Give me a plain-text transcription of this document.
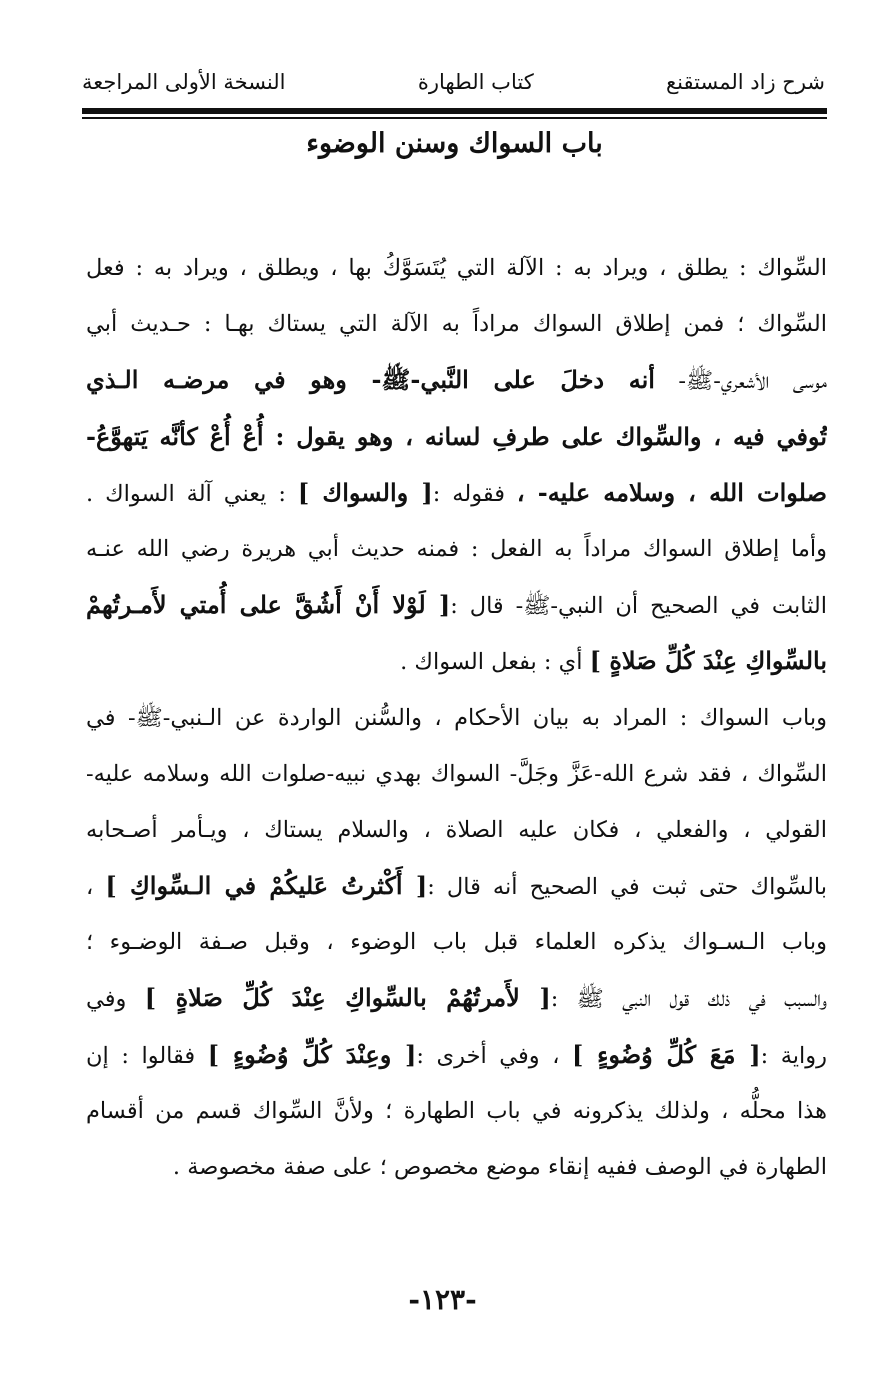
شرح زاد المستقنع
كتاب الطهارة
النسخة الأولى المراجعة
باب السواك وسنن الوضوء
السِّواك : يطلق ، ويراد به : الآلة التي يُتَسَوَّكُ بها ، ويطلق ، ويراد به : فعل
السِّواك ؛ فمن إطلاق السواك مراداً به الآلة التي يستاك بهـا : حـديث أبي
موسى الأشعري-ﷺ- أنه دخلَ على النَّبي-ﷺ- وهو في مرضـه الـذي
تُوفي فيه ، والسِّواك على طرفِ لسانه ، وهو يقول : أُعْ أُعْ كأنَّه يَتهوَّعُ-
صلوات الله ، وسلامه عليه- ، فقوله :[ والسواك ] : يعني آلة السواك .
وأما إطلاق السواك مراداً به الفعل : فمنه حديث أبي هريرة رضي الله عنـه
الثابت في الصحيح أن النبي-ﷺ- قال :[ لَوْلا أَنْ أَشُقَّ على أُمتي لأَمـرتُهمْ
بالسِّواكِ عِنْدَ كُلِّ صَلاةٍ ] أي : بفعل السواك .
وباب السواك : المراد به بيان الأحكام ، والسُّنن الواردة عن الـنبي-ﷺ- في
السِّواك ، فقد شرع الله-عَزَّ وجَلَّ- السواك بهدي نبيه-صلوات الله وسلامه عليه-
القولي ، والفعلي ، فكان عليه الصلاة ، والسلام يستاك ، ويـأمر أصـحابه
بالسِّواك حتى ثبت في الصحيح أنه قال :[ أَكْثرتُ عَليكُمْ في الـسِّواكِ ] ،
وباب الـسـواك يذكره العلماء قبل باب الوضوء ، وقبل صـفة الوضـوء ؛
والسبب في ذلك قول النبي ﷺ :[ لأَمرتُهُمْ بالسِّواكِ عِنْدَ كُلِّ صَلاةٍ ] وفي
رواية :[ مَعَ كُلِّ وُضُوءٍ ] ، وفي أخرى :[ وعِنْدَ كُلِّ وُضُوءٍ ] فقالوا : إن
هذا محلُّه ، ولذلك يذكرونه في باب الطهارة ؛ ولأنَّ السِّواك قسم من أقسام
الطهارة في الوصف ففيه إنقاء موضع مخصوص ؛ على صفة مخصوصة .
-١٢٣-
